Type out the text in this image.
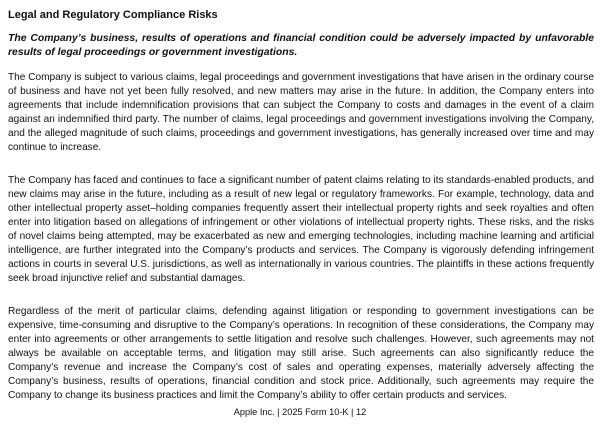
Legal and Regulatory Compliance Risks
The Company’s business, results of operations and financial condition could be adversely impacted by unfavorable results of legal proceedings or government investigations.

The Company is subject to various claims, legal proceedings and government investigations that have arisen in the ordinary course of business and have not yet been fully resolved, and new matters may arise in the future. In addition, the Company enters into agreements that include indemnification provisions that can subject the Company to costs and damages in the event of a claim against an indemnified third party. The number of claims, legal proceedings and government investigations involving the Company, and the alleged magnitude of such claims, proceedings and government investigations, has generally increased over time and may continue to increase.

The Company has faced and continues to face a significant number of patent claims relating to its standards-enabled products, and new claims may arise in the future, including as a result of new legal or regulatory frameworks. For example, technology, data and other intellectual property asset–holding companies frequently assert their intellectual property rights and seek royalties and often enter into litigation based on allegations of infringement or other violations of intellectual property rights. These risks, and the risks of novel claims being attempted, may be exacerbated as new and emerging technologies, including machine learning and artificial intelligence, are further integrated into the Company’s products and services. The Company is vigorously defending infringement actions in courts in several U.S. jurisdictions, as well as internationally in various countries. The plaintiffs in these actions frequently seek broad injunctive relief and substantial damages.

Regardless of the merit of particular claims, defending against litigation or responding to government investigations can be expensive, time-consuming and disruptive to the Company’s operations. In recognition of these considerations, the Company may enter into agreements or other arrangements to settle litigation and resolve such challenges. However, such agreements may not always be available on acceptable terms, and litigation may still arise. Such agreements can also significantly reduce the Company’s revenue and increase the Company’s cost of sales and operating expenses, materially adversely affecting the Company’s business, results of operations, financial condition and stock price. Additionally, such agreements may require the Company to change its business practices and limit the Company’s ability to offer certain products and services.

Apple Inc. | 2025 Form 10-K | 12
